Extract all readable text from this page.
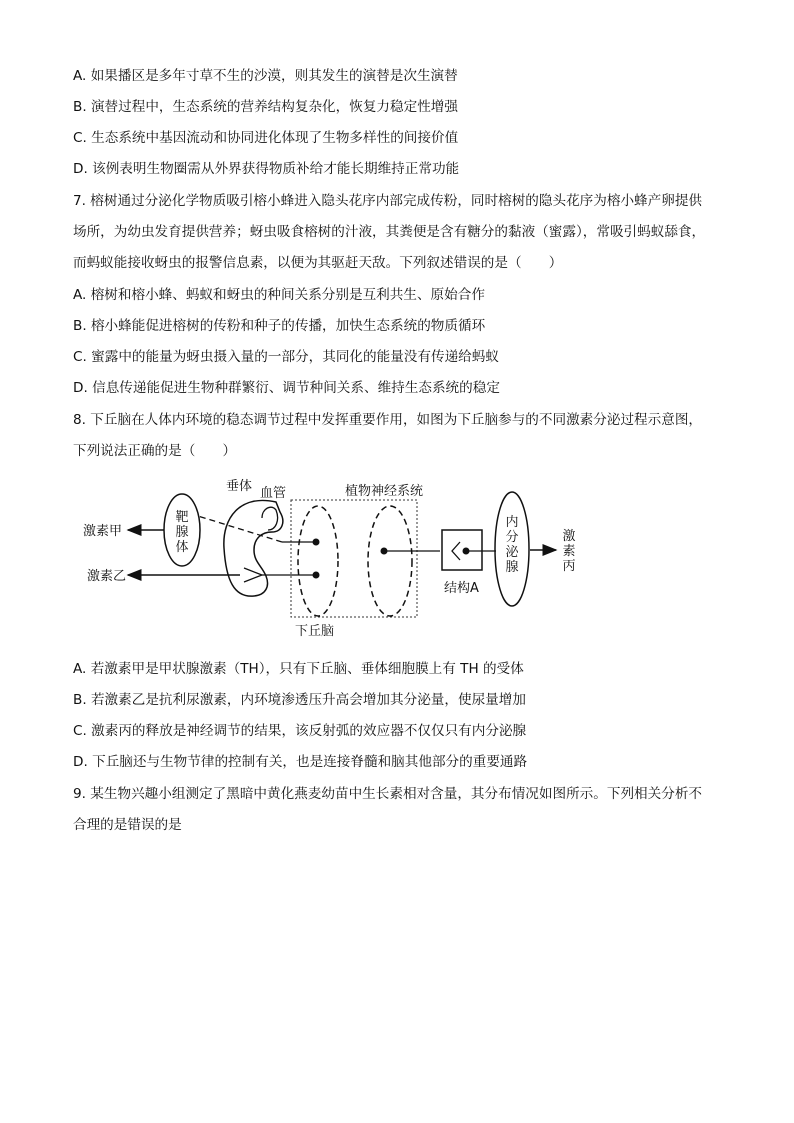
A. 如果播区是多年寸草不生的沙漠，则其发生的演替是次生演替
B. 演替过程中，生态系统的营养结构复杂化，恢复力稳定性增强
C. 生态系统中基因流动和协同进化体现了生物多样性的间接价值
D. 该例表明生物圈需从外界获得物质补给才能长期维持正常功能
7. 榕树通过分泌化学物质吸引榕小蜂进入隐头花序内部完成传粉，同时榕树的隐头花序为榕小蜂产卵提供
场所，为幼虫发育提供营养；蚜虫吸食榕树的汁液，其粪便是含有糖分的黏液（蜜露），常吸引蚂蚁舔食，
而蚂蚁能接收蚜虫的报警信息素，以便为其驱赶天敌。下列叙述错误的是（　　）
A. 榕树和榕小蜂、蚂蚁和蚜虫的种间关系分别是互利共生、原始合作
B. 榕小蜂能促进榕树的传粉和种子的传播，加快生态系统的物质循环
C. 蜜露中的能量为蚜虫摄入量的一部分，其同化的能量没有传递给蚂蚁
D. 信息传递能促进生物种群繁衍、调节种间关系、维持生态系统的稳定
8. 下丘脑在人体内环境的稳态调节过程中发挥重要作用，如图为下丘脑参与的不同激素分泌过程示意图，
下列说法正确的是（　　）
靶
腺
体
激素甲
垂体 血管
激素乙
植物神经系统
结构A
内
分
泌
腺
激
素
丙
下丘脑
A. 若激素甲是甲状腺激素（TH），只有下丘脑、垂体细胞膜上有 TH 的受体
B. 若激素乙是抗利尿激素，内环境渗透压升高会增加其分泌量，使尿量增加
C. 激素丙的释放是神经调节的结果，该反射弧的效应器不仅仅只有内分泌腺
D. 下丘脑还与生物节律的控制有关，也是连接脊髓和脑其他部分的重要通路
9. 某生物兴趣小组测定了黑暗中黄化燕麦幼苗中生长素相对含量，其分布情况如图所示。下列相关分析不
合理的是错误的是
